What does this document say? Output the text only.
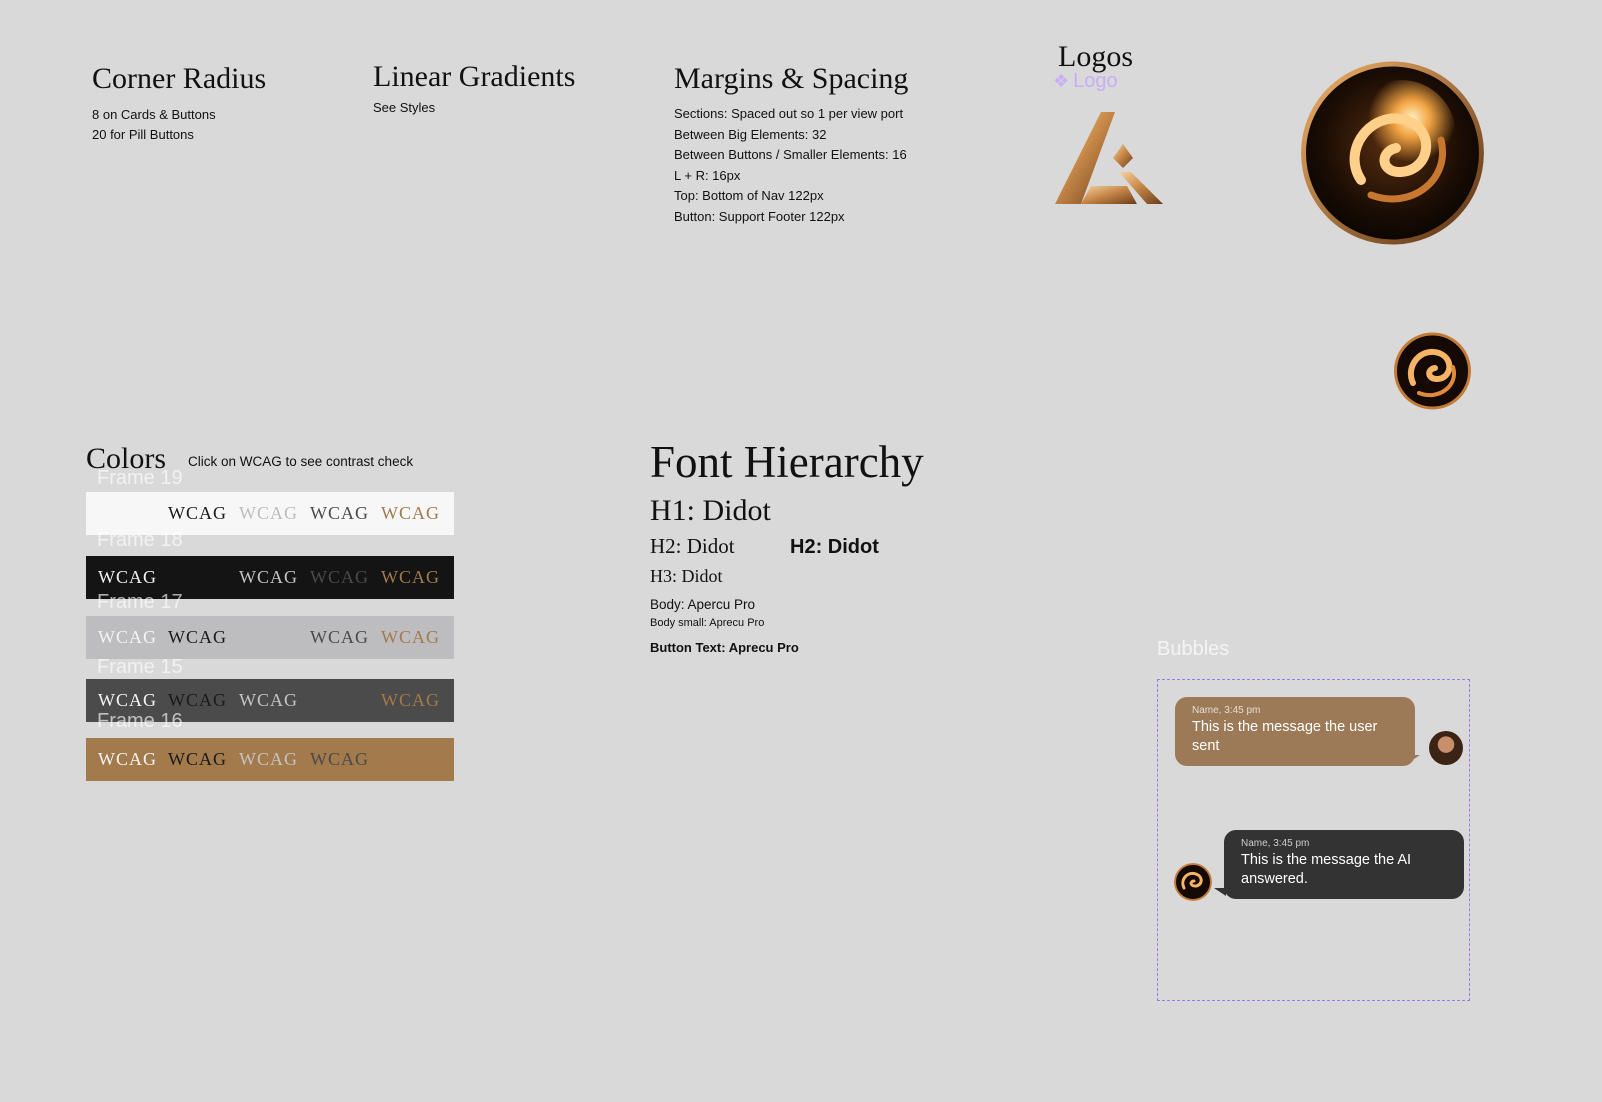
Corner Radius
8 on Cards & Buttons
20 for Pill Buttons
Linear Gradients
See Styles
Margins & Spacing
Sections: Spaced out so 1 per view port
Between Big Elements: 32
Between Buttons / Smaller Elements: 16
L + R: 16px
Top: Bottom of Nav 122px
Button: Support Footer 122px
Logos
❖ Logo
Colors Click on WCAG to see contrast check
Frame 19
WCAG WCAG WCAG WCAG
Frame 18
WCAG	WCAG WCAG WCAG
Frame 17
WCAG WCAG	WCAG WCAG
Frame 15
WCAG WCAG WCAG	WCAG
Frame 16
WCAG WCAG WCAG WCAG
Font Hierarchy
H1: Didot
H2: Didot	H2: Didot
H3: Didot
Body: Apercu Pro
Body small: Aprecu Pro
Button Text: Aprecu Pro	Bubbles
Name, 3:45 pm
This is the message the user sent
Name, 3:45 pm
This is the message the AI answered.
